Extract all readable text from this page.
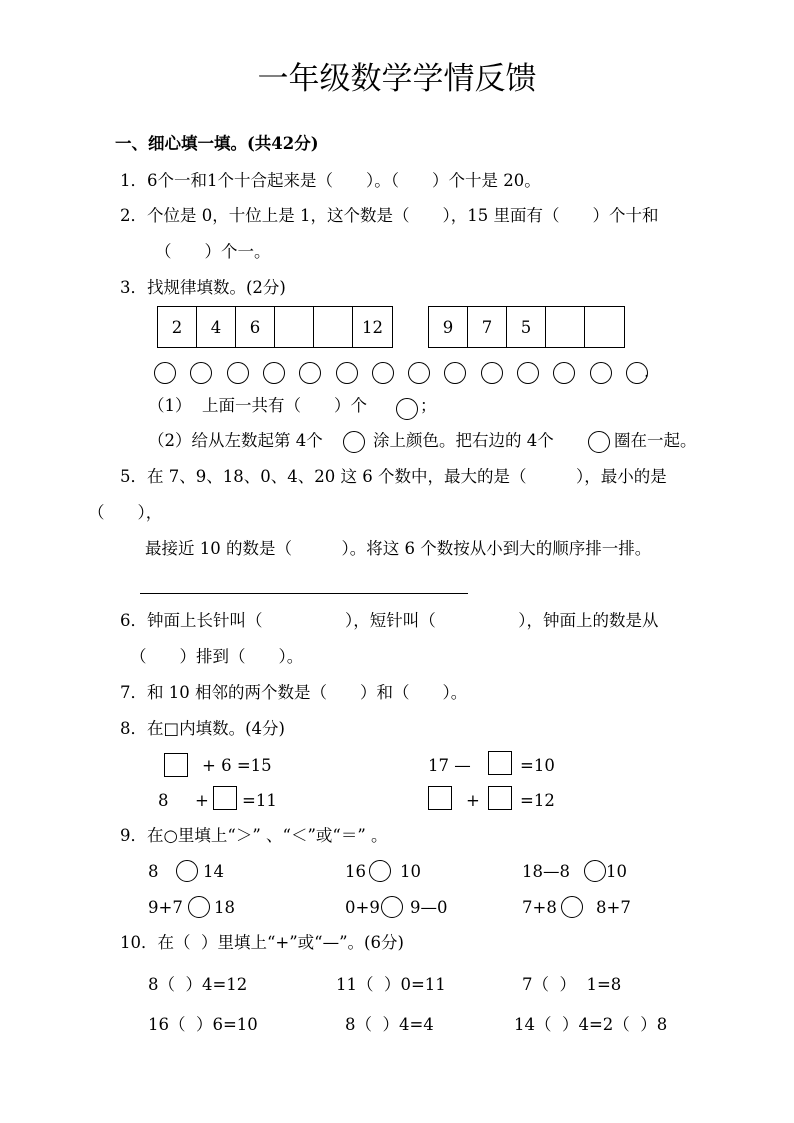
一年级数学学情反馈
一、细心填一填。(共42分)
1．6个一和1个十合起来是（　　）。（　　）个十是 20。
2．个位是 0，十位上是 1，这个数是（　　），15 里面有（　　）个十和
（　　）个一。
3．找规律填数。(2分)
2	4	6	12	9	7	5
.
（1）  上面一共有（　　）个	；
（2）给从左数起第 4个	涂上颜色。把右边的 4个	圈在一起。
5．在 7、9、18、0、4、20 这 6 个数中，最大的是（　　　），最小的是
（　　），
最接近 10 的数是（　　　）。将这 6 个数按从小到大的顺序排一排。
6．钟面上长针叫（　　　　　），短针叫（　　　　　），钟面上的数是从
（　　）排到（　　）。
7．和 10 相邻的两个数是（　　）和（　　）。
8．在□内填数。(4分)
+ 6 =15	17 —	=10
8 + =11	+ =12
9．在○里填上“＞” 、“＜”或“＝” 。
8	14	16 10	18—8 10
9+7 18	0+9 9—0	7+8 8+7
10．在（  ）里填上“+”或“—”。(6分)
8（  ）4=12	11（  ）0=11	7（  ）  1=8
16（  ）6=10	8（  ）4=4	14（  ）4=2（  ）8
